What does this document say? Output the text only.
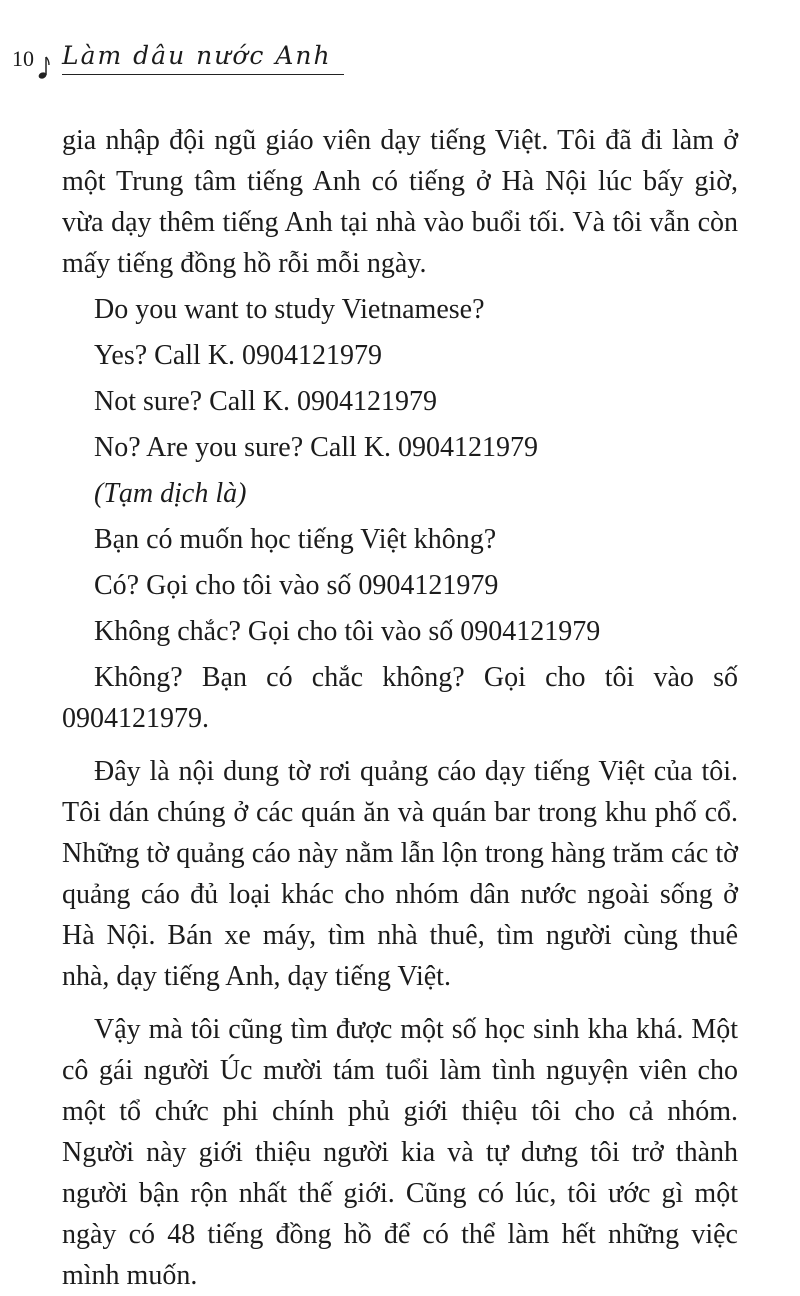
10 Làm dâu nước Anh

gia nhập đội ngũ giáo viên dạy tiếng Việt. Tôi đã đi làm ở một Trung tâm tiếng Anh có tiếng ở Hà Nội lúc bấy giờ, vừa dạy thêm tiếng Anh tại nhà vào buổi tối. Và tôi vẫn còn mấy tiếng đồng hồ rỗi mỗi ngày.

Do you want to study Vietnamese?

Yes? Call K. 0904121979

Not sure? Call K. 0904121979

No? Are you sure? Call K. 0904121979

(Tạm dịch là)

Bạn có muốn học tiếng Việt không?

Có? Gọi cho tôi vào số 0904121979

Không chắc? Gọi cho tôi vào số 0904121979

Không? Bạn có chắc không? Gọi cho tôi vào số 0904121979.

Đây là nội dung tờ rơi quảng cáo dạy tiếng Việt của tôi. Tôi dán chúng ở các quán ăn và quán bar trong khu phố cổ. Những tờ quảng cáo này nằm lẫn lộn trong hàng trăm các tờ quảng cáo đủ loại khác cho nhóm dân nước ngoài sống ở Hà Nội. Bán xe máy, tìm nhà thuê, tìm người cùng thuê nhà, dạy tiếng Anh, dạy tiếng Việt.

Vậy mà tôi cũng tìm được một số học sinh kha khá. Một cô gái người Úc mười tám tuổi làm tình nguyện viên cho một tổ chức phi chính phủ giới thiệu tôi cho cả nhóm. Người này giới thiệu người kia và tự dưng tôi trở thành người bận rộn nhất thế giới. Cũng có lúc, tôi ước gì một ngày có 48 tiếng đồng hồ để có thể làm hết những việc mình muốn.
